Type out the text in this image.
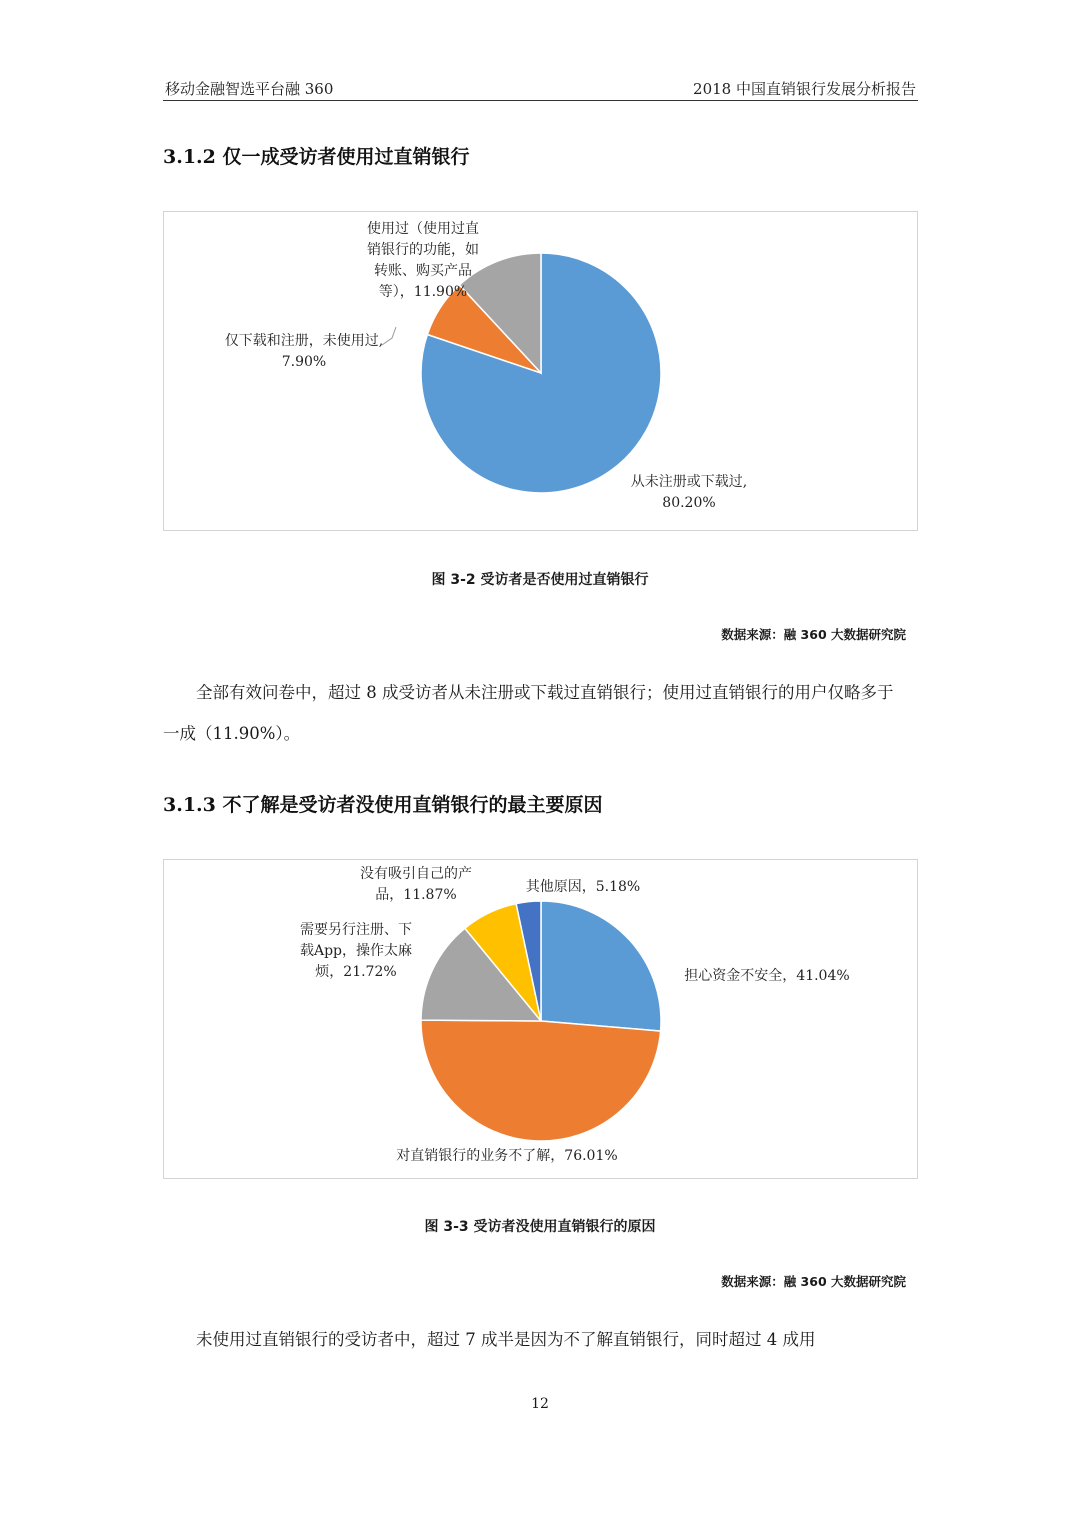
移动金融智选平台融 360	2018 中国直销银行发展分析报告
3.1.2 仅一成受访者使用过直销银行
从未注册或下载过,
80.20%
仅下载和注册，未使用过,
7.90%
使用过（使用过直
销银行的功能，如
转账、购买产品
等），11.90%
图 3-2 受访者是否使用过直销银行
数据来源：融 360 大数据研究院
全部有效问卷中，超过 8 成受访者从未注册或下载过直销银行；使用过直销银行的用户仅略多于一成（11.90%）。
3.1.3 不了解是受访者没使用直销银行的最主要原因
担心资金不安全，41.04%
对直销银行的业务不了解，76.01%
需要另行注册、下
载App，操作太麻
烦，21.72%
没有吸引自己的产
品，11.87%	其他原因，5.18%
图 3-3 受访者没使用直销银行的原因
数据来源：融 360 大数据研究院
未使用过直销银行的受访者中，超过 7 成半是因为不了解直销银行，同时超过 4 成用
12
